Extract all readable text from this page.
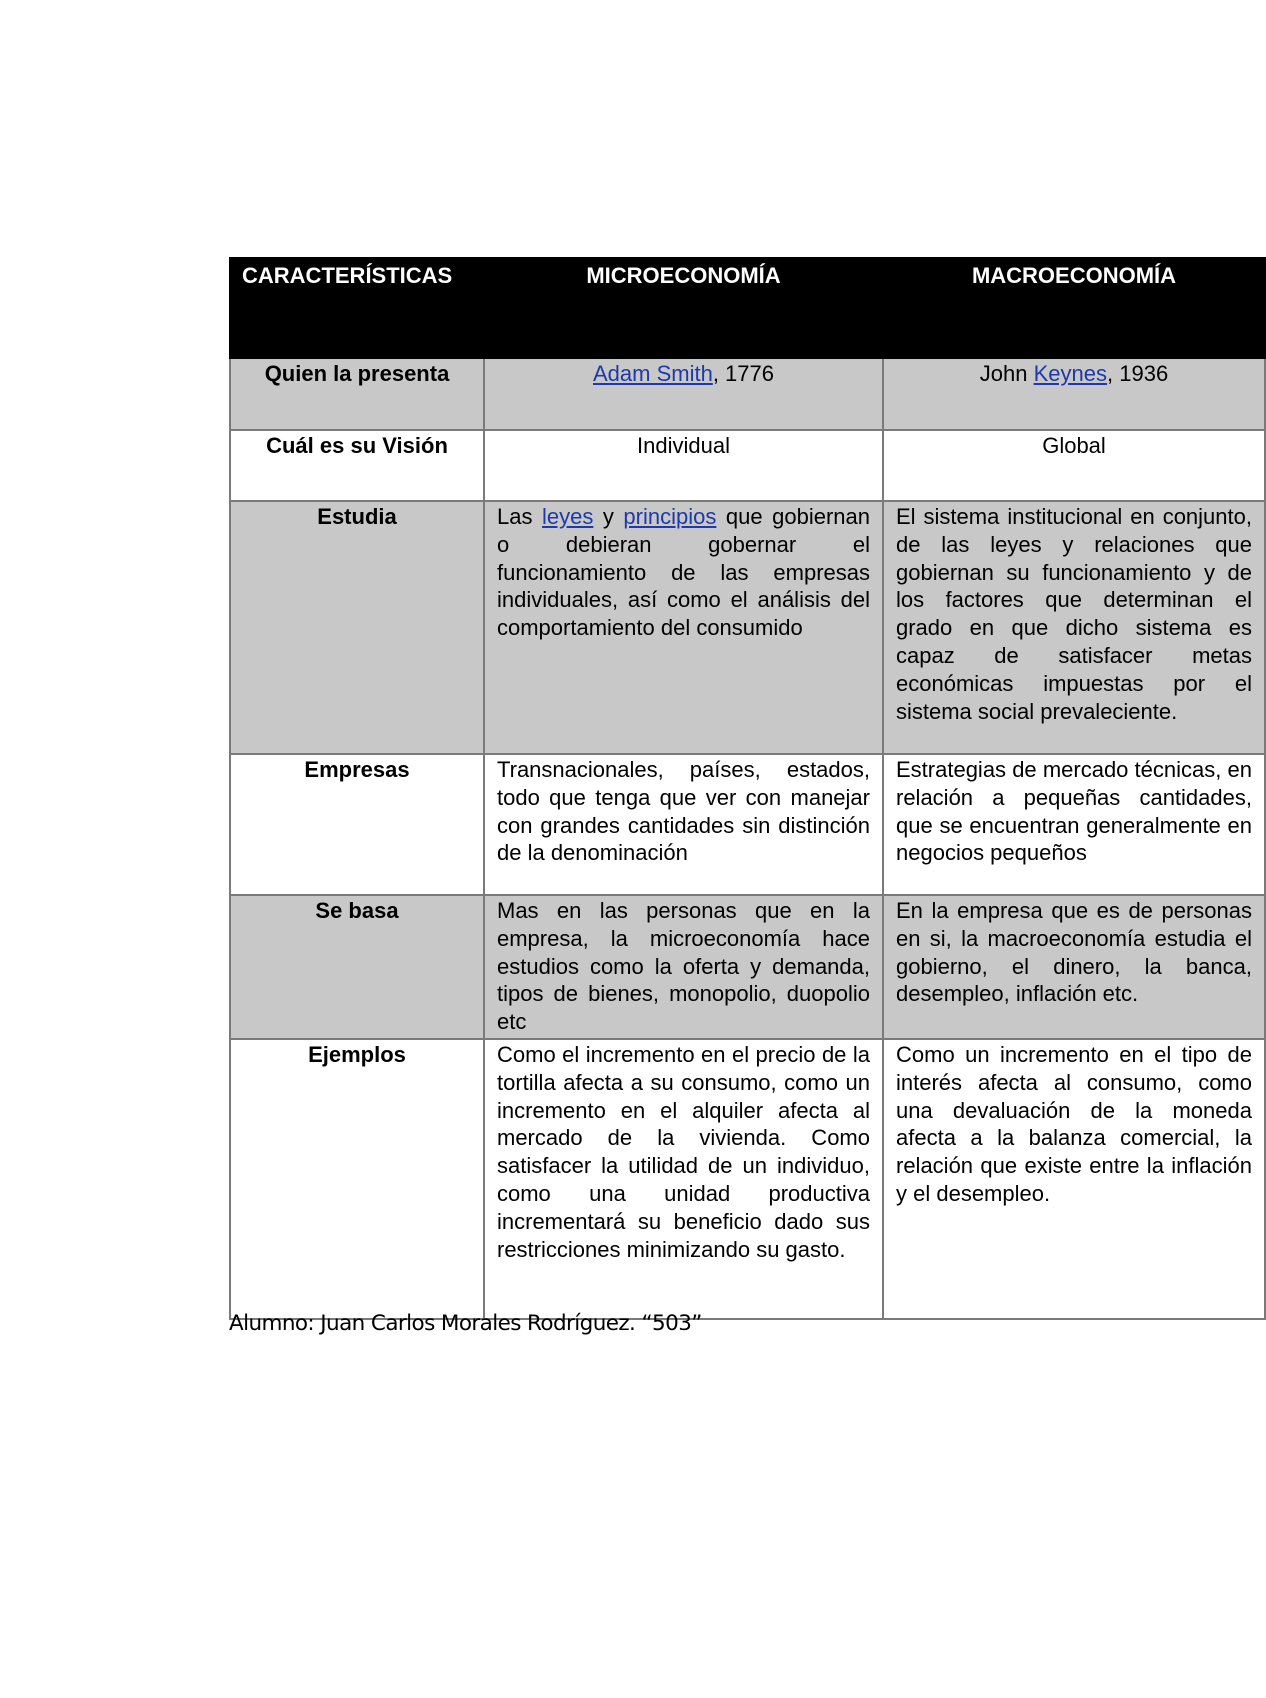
CARACTERÍSTICAS	MICROECONOMÍA	MACROECONOMÍA
Quien la presenta	Adam Smith, 1776	John Keynes, 1936
Cuál es su Visión	Individual	Global
Estudia	Las leyes y principios que gobiernan o debieran gobernar el funcionamiento de las empresas individuales, así como el análisis del comportamiento del consumido	El sistema institucional en conjunto, de las leyes y relaciones que gobiernan su funcionamiento y de los factores que determinan el grado en que dicho sistema es capaz de satisfacer metas económicas impuestas por el sistema social prevaleciente.
Empresas	Transnacionales, países, estados, todo que tenga que ver con manejar con grandes cantidades sin distinción de la denominación	Estrategias de mercado técnicas, en relación a pequeñas cantidades, que se encuentran generalmente en negocios pequeños
Se basa	Mas en las personas que en la empresa, la microeconomía hace estudios como la oferta y demanda, tipos de bienes, monopolio, duopolio etc	En la empresa que es de personas en si, la macroeconomía estudia el gobierno, el dinero, la banca, desempleo, inflación etc.
Ejemplos	Como el incremento en el precio de la tortilla afecta a su consumo, como un incremento en el alquiler afecta al mercado de la vivienda. Como satisfacer la utilidad de un individuo, como una unidad productiva incrementará su beneficio dado sus restricciones minimizando su gasto.	Como un incremento en el tipo de interés afecta al consumo, como una devaluación de la moneda afecta a la balanza comercial, la relación que existe entre la inflación y el desempleo.
Alumno: Juan Carlos Morales Rodríguez. “503”
